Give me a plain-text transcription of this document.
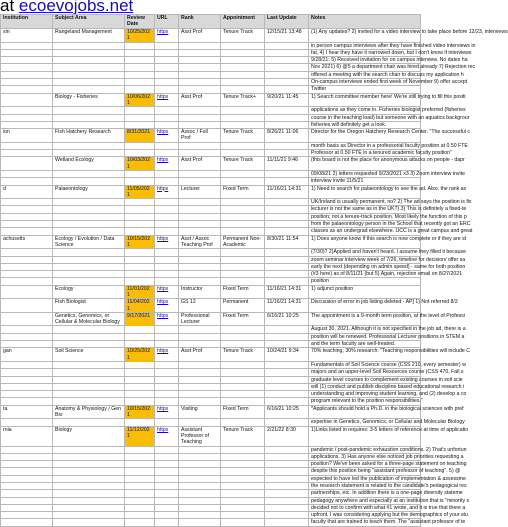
at ecoevojobs.net
Institution	Subject Area	Review Date	URL	Rank	Appointment	Last Update	Notes
sin	Rangeland Management	10/25/2021	https	Asst Prof	Tenure Track	12/15/21 13:48	(1) Any updates? 2) invited for a video interview to take place before 12/23, interviews
							in person campus interviews after they have finished video interviews in
							fat, 4) I hear they have it narrowed down, but I don't know if interviews
							9/28/21: 5) Received invitation for on campus interview. No dates ha
							Nov 2021) 6) @5 a department chair was hired already 7) Rejection rec
							offered a meeting with the search chair to discuss my application h
							On-campus interviews ended first week of November 9) offer accept
							Twitter
	Biology - Fisheries	10/06/2021	https	Asst Prof	Tenure Track+	9/20/21 11:45	1) Search committee member here! We're still trying to fill this positi
							applications as they come in. Fisheries biologist preferred (fisheries
							course in the teaching load) but someone with an aquatics backgrour
							fisheries will definitely get a look.
ion	Fish Hatchery Research	8/31/2021	https	Assoc / Full Prof	Tenure Track	8/26/21 11:06	Director for the Oregon Hatchery Research Center. "The successful c
							month basis as Director in a professorial faculty position at 0.50 FTE
							Professor at 0.50 FTE in a tenured academic faculty position"
	Wetland Ecology	10/03/2021	https	Asst Prof	Tenure Track	11/11/21 9:46	(this board is not the place for anonymous attacks on people - dapr
							09/08/21 2) letters requested 9/23/2021 x3 3) Zoom interview invite
							interview invite 11/5/21
d	Palaeontology	11/05/2021	https	Lecturer	Fixed Term	11/16/21 14:31	1) Need to search for palaeontology to see the ad. Also, the rank as
							UK/Ireland is usually permanent, no? 2) The ad says the position is fix
							lecturer is not the same as in the UK?) 3) This is definitely a fixed-te
							position; not a tenure-track position. Most likely the function of this p
							from the palaeontology person in the School that recently got an ERC
							classes as an undergrad elsewhere. UCC is a great campus and great
achusetts	Ecology / Evolution / Data Science	10/15/2021	https	Asst / Assoc Teaching Prof	Permanent Non-Academic	8/30/21 11:54	1) Does anyone know if this search is now complete or if they are st
							(7/30)? 2)Applied and haven't heard. I assume they filled it because
							zoom seminar interview week of 7/26, timeline for decision/ offer sa
							early the next (depending on admin speed) - same for both position
							(#3 here) as of 8/11/21 (but 5) Again, rejection email on 8/27/2021
							position
	Ecology	11/01/2021	https	Instructor	Fixed Term	11/16/21 14:31	1) adjunct position
	Fish Biologist	11/04/2021	https	GS 12	Permanent	11/16/21 14:31	Discussion of error in job listing deleted - AP] 1) Not referred 8/2
	Genetics, Genomics, or Cellular & Molecular Biology	9/17/2021	https	Professional Lecturer	Fixed Term	6/16/21 10:25	The appointment is a 9-month term position, at the level of Professi
							August 30, 2021. Although it is not specified in the job ad, there is a
							position will be renewed. Professorial Lecturer positions in STEM a
							and the term faculty are well-treated.
gan	Soil Science	10/25/2021	https	Asst Prof	Tenure Track	10/24/21 9:34	70% teaching, 30% research: "Teaching responsibilities will include C
							Fundamentals of Soil Science course (CSS 210, every semester) w
							majors and an upper-level Soil Resources course (CSS 470, Fall s
							graduate level courses to complement existing courses in soil scie
							will (1) conduct and publish discipline based educational research i
							understanding and improving student learning, and (2) develop a co
							program relevant to the position responsibilities."
ta	Anatomy & Physiology / Gen Bio	10/15/2021	https	Visiting	Fixed Term	6/16/21 10:25	*Applicants should hold a Ph.D. in the biological sciences with pref
							expertise in Genetics, Genomics, or Cellular and Molecular Biology
rnia	Biology	11/12/2021	https	Assistant Professor of Teaching	Tenure Track	2/21/22 8:30	1)Links listed in requires: 3-5 letters of reference at time of applicatio
							pandemic / post-pandemic exhaustion conditions. 2) That's unfortun
							applications. 3) Has anyone else noticed job priorities requesting a
							position? We've been asked for a three-page statement on teaching
							despite this position being "assistant professor of teaching". 5) @
							expected to have led the publication of implementation & assessme
							the research statement is related to the candidate's pedagogical res
							partnerships, etc. In addition there is a one-page diversity stateme
							pedagogy anywhere and especially at an institution that is "minority s
							decided not to confirm with what #1 wrote, and it is true that there a
							upfront. I was considering applying but the demographics of your stu
							faculty that are trained to teach them. The "assistant professor of te
